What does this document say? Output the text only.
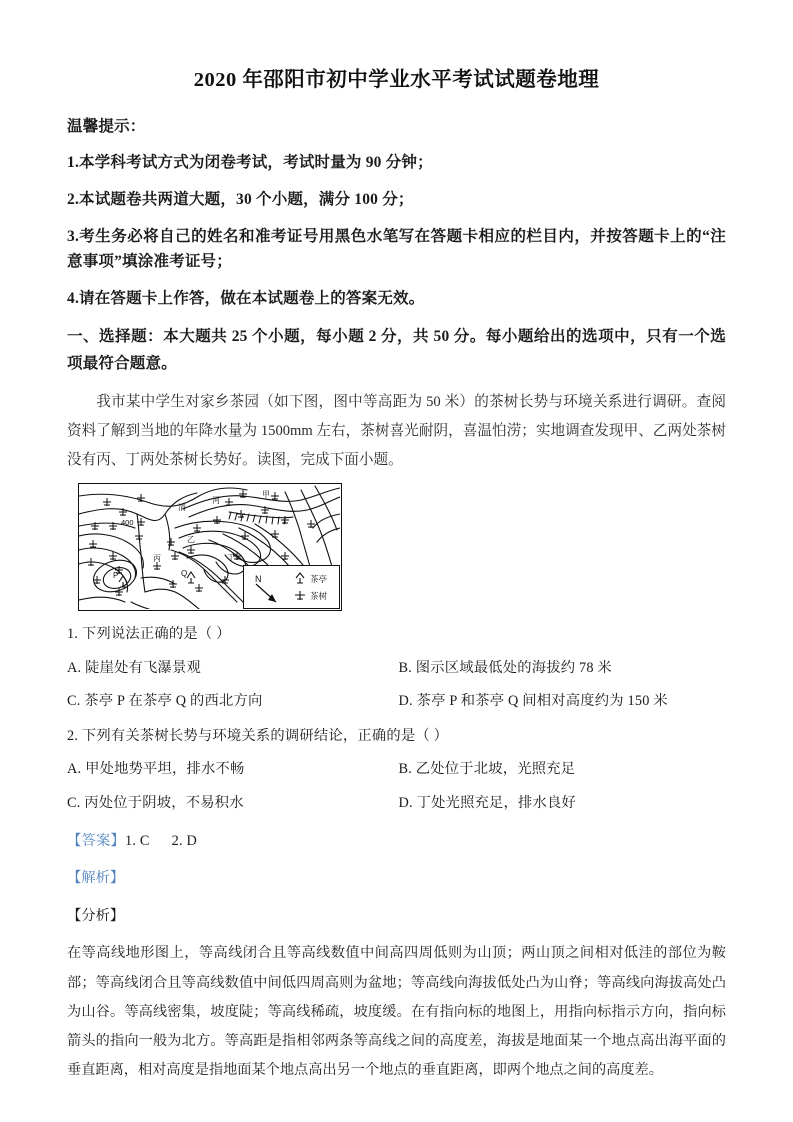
2020 年邵阳市初中学业水平考试试题卷地理
温馨提示：
1.本学科考试方式为闭卷考试，考试时量为 90 分钟；
2.本试题卷共两道大题，30 个小题，满分 100 分；
3.考生务必将自己的姓名和准考证号用黑色水笔写在答题卡相应的栏目内，并按答题卡上的“注意事项”填涂准考证号；
4.请在答题卡上作答，做在本试题卷上的答案无效。
一、选择题：本大题共 25 个小题，每小题 2 分，共 50 分。每小题给出的选项中，只有一个选项最符合题意。
我市某中学生对家乡茶园（如下图，图中等高距为 50 米）的茶树长势与环境关系进行调研。查阅资料了解到当地的年降水量为 1500mm 左右，茶树喜光耐阴，喜温怕涝；实地调查发现甲、乙两处茶树没有丙、丁两处茶树长势好。读图，完成下面小题。
甲
乙
丙	丁
P	Q
清
河
400
N	茶亭
茶树
1. 下列说法正确的是（ ）
A. 陡崖处有飞瀑景观	B. 图示区域最低处的海拔约 78 米
C. 茶亭 P 在茶亭 Q 的西北方向	D. 茶亭 P 和茶亭 Q 间相对高度约为 150 米
2. 下列有关茶树长势与环境关系的调研结论，正确的是（ ）
A. 甲处地势平坦，排水不畅	B. 乙处位于北坡，光照充足
C. 丙处位于阴坡，不易积水	D. 丁处光照充足，排水良好
【答案】1. C 2. D
【解析】
【分析】
在等高线地形图上，等高线闭合且等高线数值中间高四周低则为山顶；两山顶之间相对低洼的部位为鞍部；等高线闭合且等高线数值中间低四周高则为盆地；等高线向海拔低处凸为山脊；等高线向海拔高处凸为山谷。等高线密集，坡度陡；等高线稀疏，坡度缓。在有指向标的地图上，用指向标指示方向，指向标箭头的指向一般为北方。等高距是指相邻两条等高线之间的高度差，海拔是地面某一个地点高出海平面的垂直距离，相对高度是指地面某个地点高出另一个地点的垂直距离，即两个地点之间的高度差。
